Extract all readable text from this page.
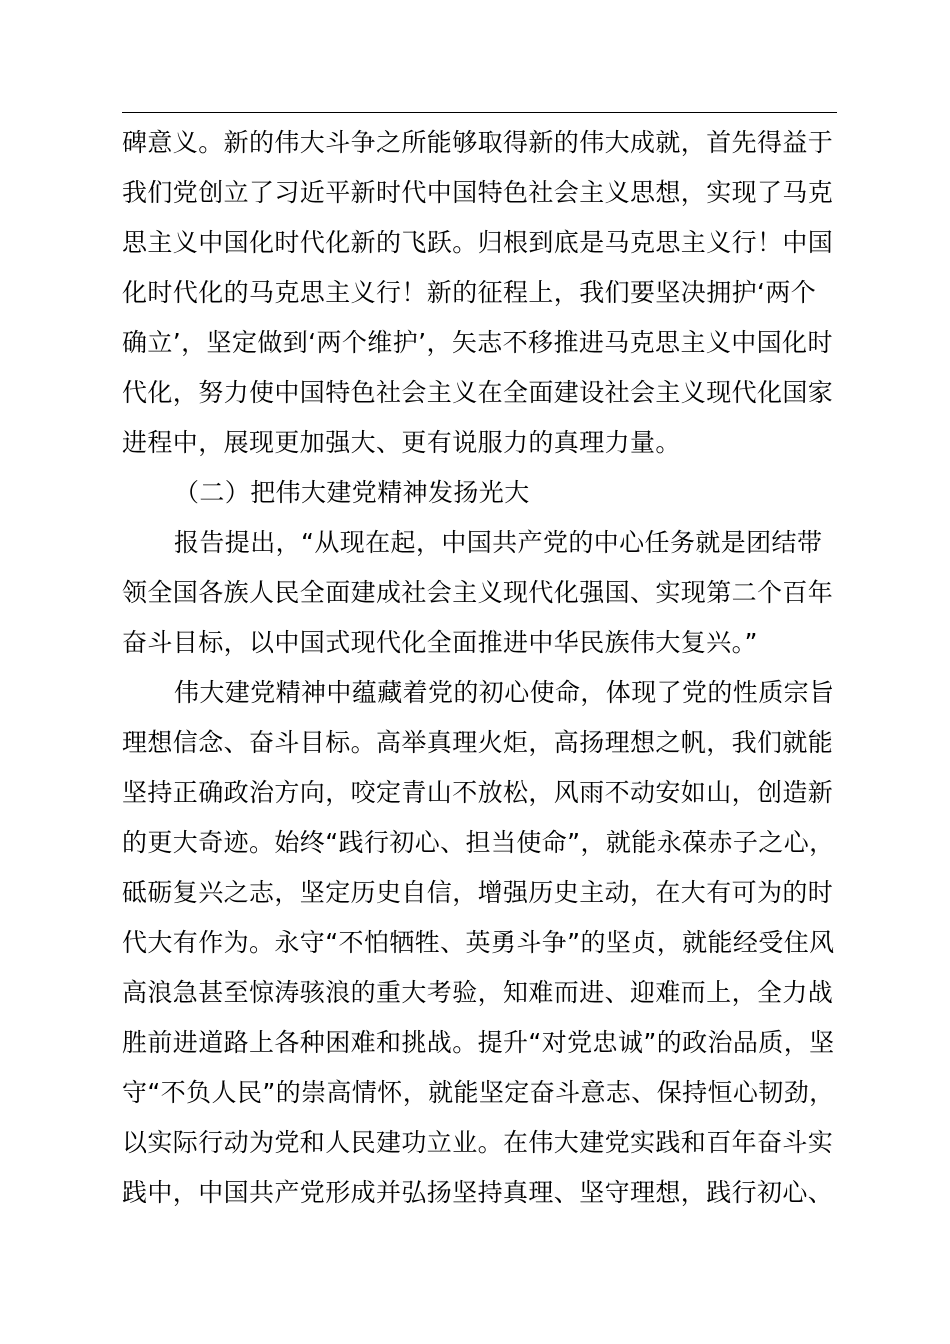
碑意义。新的伟大斗争之所能够取得新的伟大成就，首先得益于
我们党创立了习近平新时代中国特色社会主义思想，实现了马克
思主义中国化时代化新的飞跃。归根到底是马克思主义行！中国
化时代化的马克思主义行！新的征程上，我们要坚决拥护‘两个
确立’，坚定做到‘两个维护’，矢志不移推进马克思主义中国化时
代化，努力使中国特色社会主义在全面建设社会主义现代化国家
进程中，展现更加强大、更有说服力的真理力量。
（二）把伟大建党精神发扬光大
报告提出，“从现在起，中国共产党的中心任务就是团结带
领全国各族人民全面建成社会主义现代化强国、实现第二个百年
奋斗目标，以中国式现代化全面推进中华民族伟大复兴。”
伟大建党精神中蕴藏着党的初心使命，体现了党的性质宗旨
理想信念、奋斗目标。高举真理火炬，高扬理想之帆，我们就能
坚持正确政治方向，咬定青山不放松，风雨不动安如山，创造新
的更大奇迹。始终“践行初心、担当使命”，就能永葆赤子之心，
砥砺复兴之志，坚定历史自信，增强历史主动，在大有可为的时
代大有作为。永守“不怕牺牲、英勇斗争”的坚贞，就能经受住风
高浪急甚至惊涛骇浪的重大考验，知难而进、迎难而上，全力战
胜前进道路上各种困难和挑战。提升“对党忠诚”的政治品质，坚
守“不负人民”的崇高情怀，就能坚定奋斗意志、保持恒心韧劲，
以实际行动为党和人民建功立业。在伟大建党实践和百年奋斗实
践中，中国共产党形成并弘扬坚持真理、坚守理想，践行初心、
